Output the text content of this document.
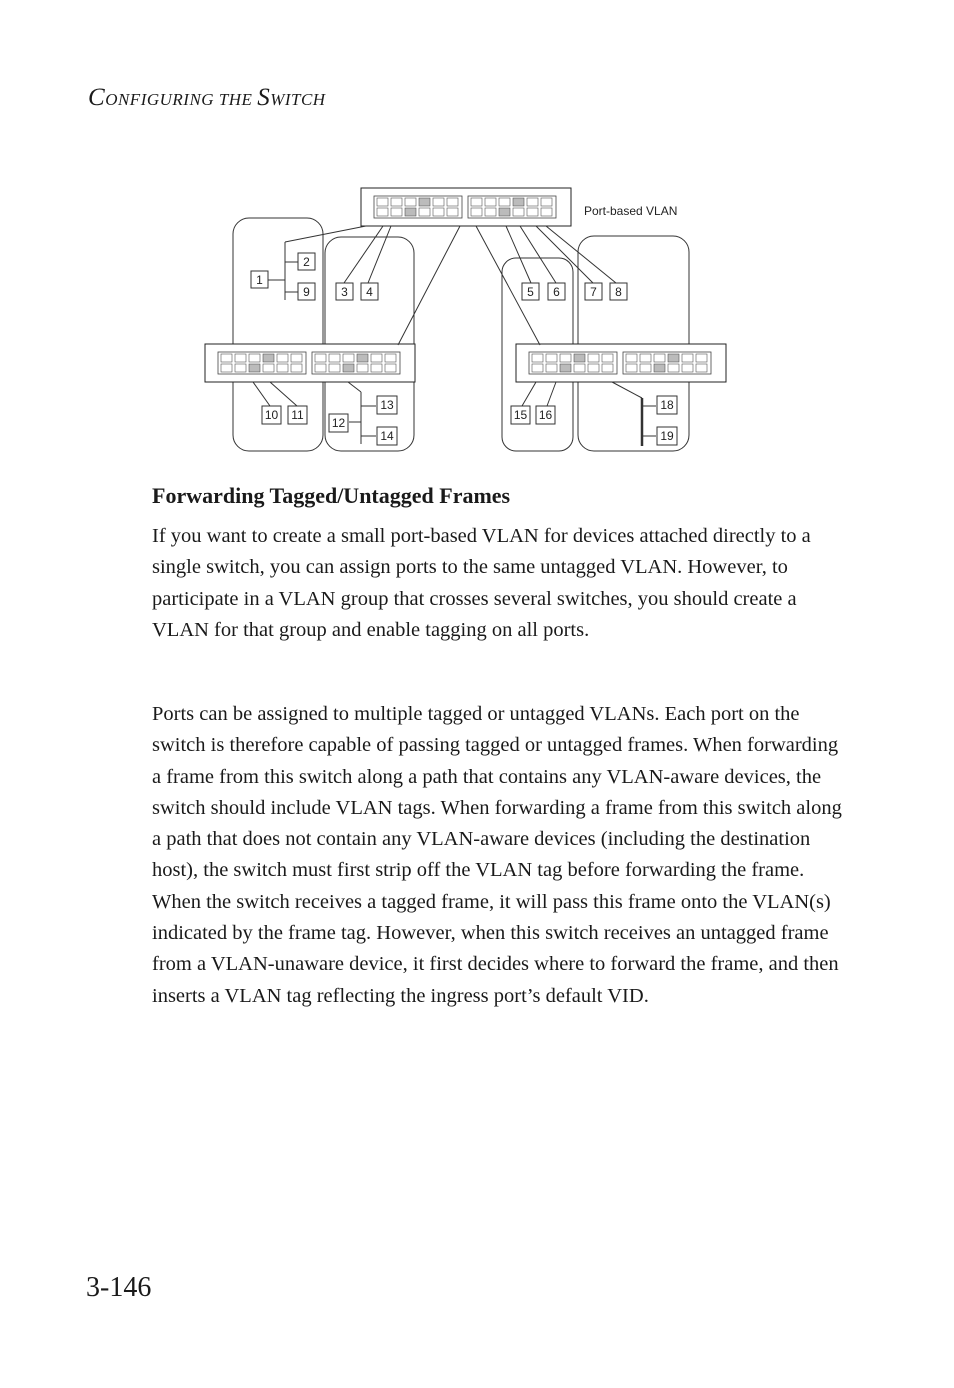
CONFIGURING THE SWITCH
Port-based VLAN
1
2
9	3 4	5 6	7 8
10 11
12
13
14
15 16
18
19
Forwarding Tagged/Untagged Frames

If you want to create a small port-based VLAN for devices attached directly to a single switch, you can assign ports to the same untagged VLAN. However, to participate in a VLAN group that crosses several switches, you should create a VLAN for that group and enable tagging on all ports.

Ports can be assigned to multiple tagged or untagged VLANs. Each port on the switch is therefore capable of passing tagged or untagged frames. When forwarding a frame from this switch along a path that contains any VLAN-aware devices, the switch should include VLAN tags. When forwarding a frame from this switch along a path that does not contain any VLAN-aware devices (including the destination host), the switch must first strip off the VLAN tag before forwarding the frame. When the switch receives a tagged frame, it will pass this frame onto the VLAN(s) indicated by the frame tag. However, when this switch receives an untagged frame from a VLAN-unaware device, it first decides where to forward the frame, and then inserts a VLAN tag reflecting the ingress port’s default VID.

3-146
